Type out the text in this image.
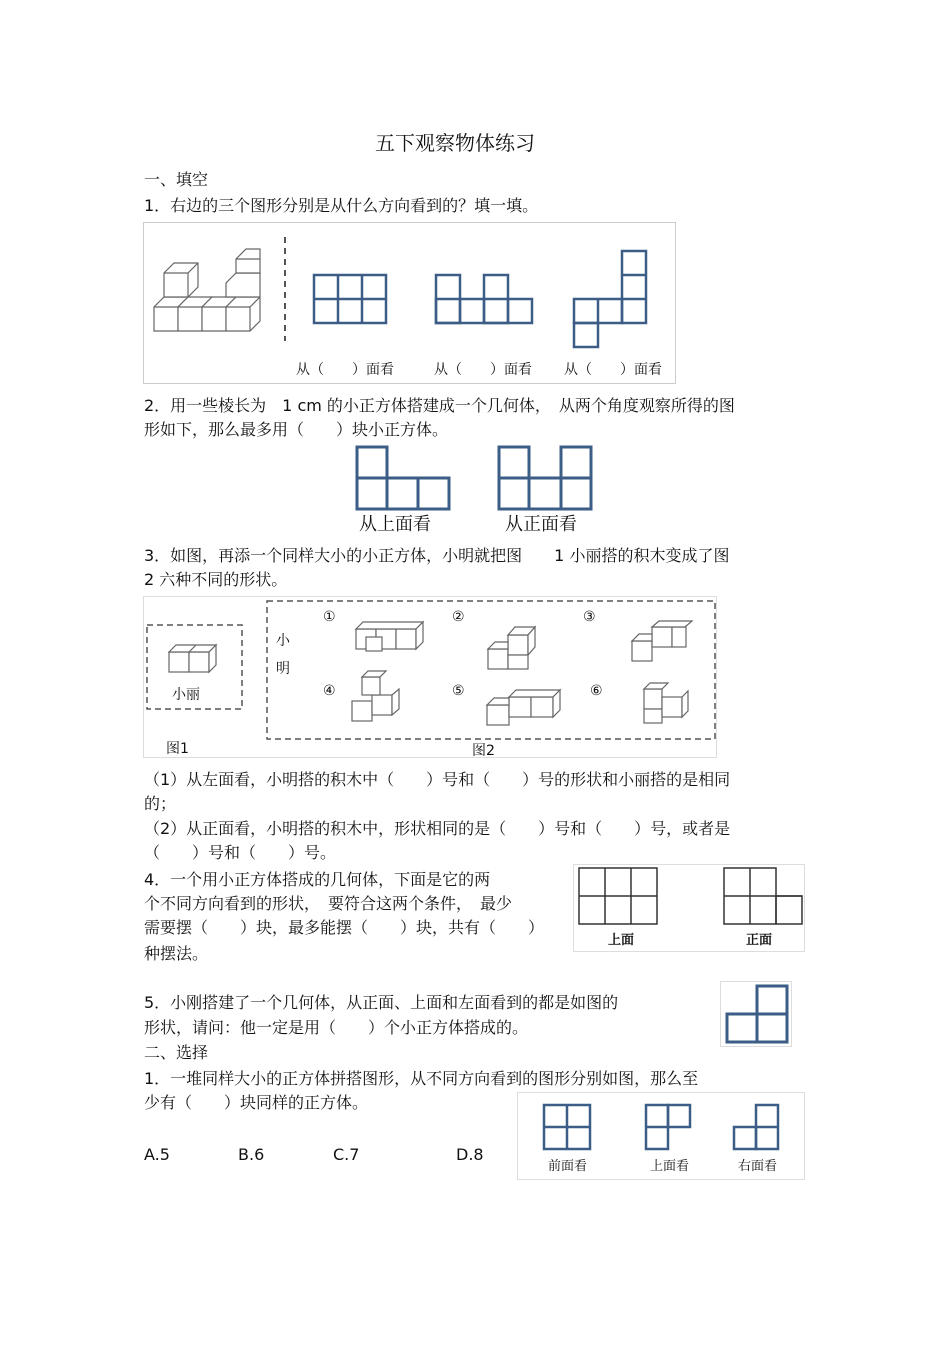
五下观察物体练习
一、填空
1．右边的三个图形分别是从什么方向看到的？填一填。
从（　　）面看	从（　　）面看 从（　　）面看
2．用一些棱长为　1 cm 的小正方体搭建成一个几何体，　从两个角度观察所得的图
形如下，那么最多用（　　）块小正方体。
从上面看	从正面看
3．如图，再添一个同样大小的小正方体，小明就把图　　1 小丽搭的积木变成了图
2 六种不同的形状。
小丽
小
明
①	②	③
④	⑤	⑥
图1	图2
（1）从左面看，小明搭的积木中（　　）号和（　　）号的形状和小丽搭的是相同
的；
（2）从正面看，小明搭的积木中，形状相同的是（　　）号和（　　）号，或者是
（　　）号和（　　）号。
4．一个用小正方体搭成的几何体，下面是它的两
个不同方向看到的形状，　要符合这两个条件，　最少
需要摆（　　）块，最多能摆（　　）块，共有（　　）
种摆法。
上面	正面
5．小刚搭建了一个几何体，从正面、上面和左面看到的都是如图的
形状，请问：他一定是用（　　）个小正方体搭成的。
二、选择
1．一堆同样大小的正方体拼搭图形，从不同方向看到的图形分别如图，那么至
少有（　　）块同样的正方体。
A.5	B.6	C.7	D.8
前面看	上面看	右面看
